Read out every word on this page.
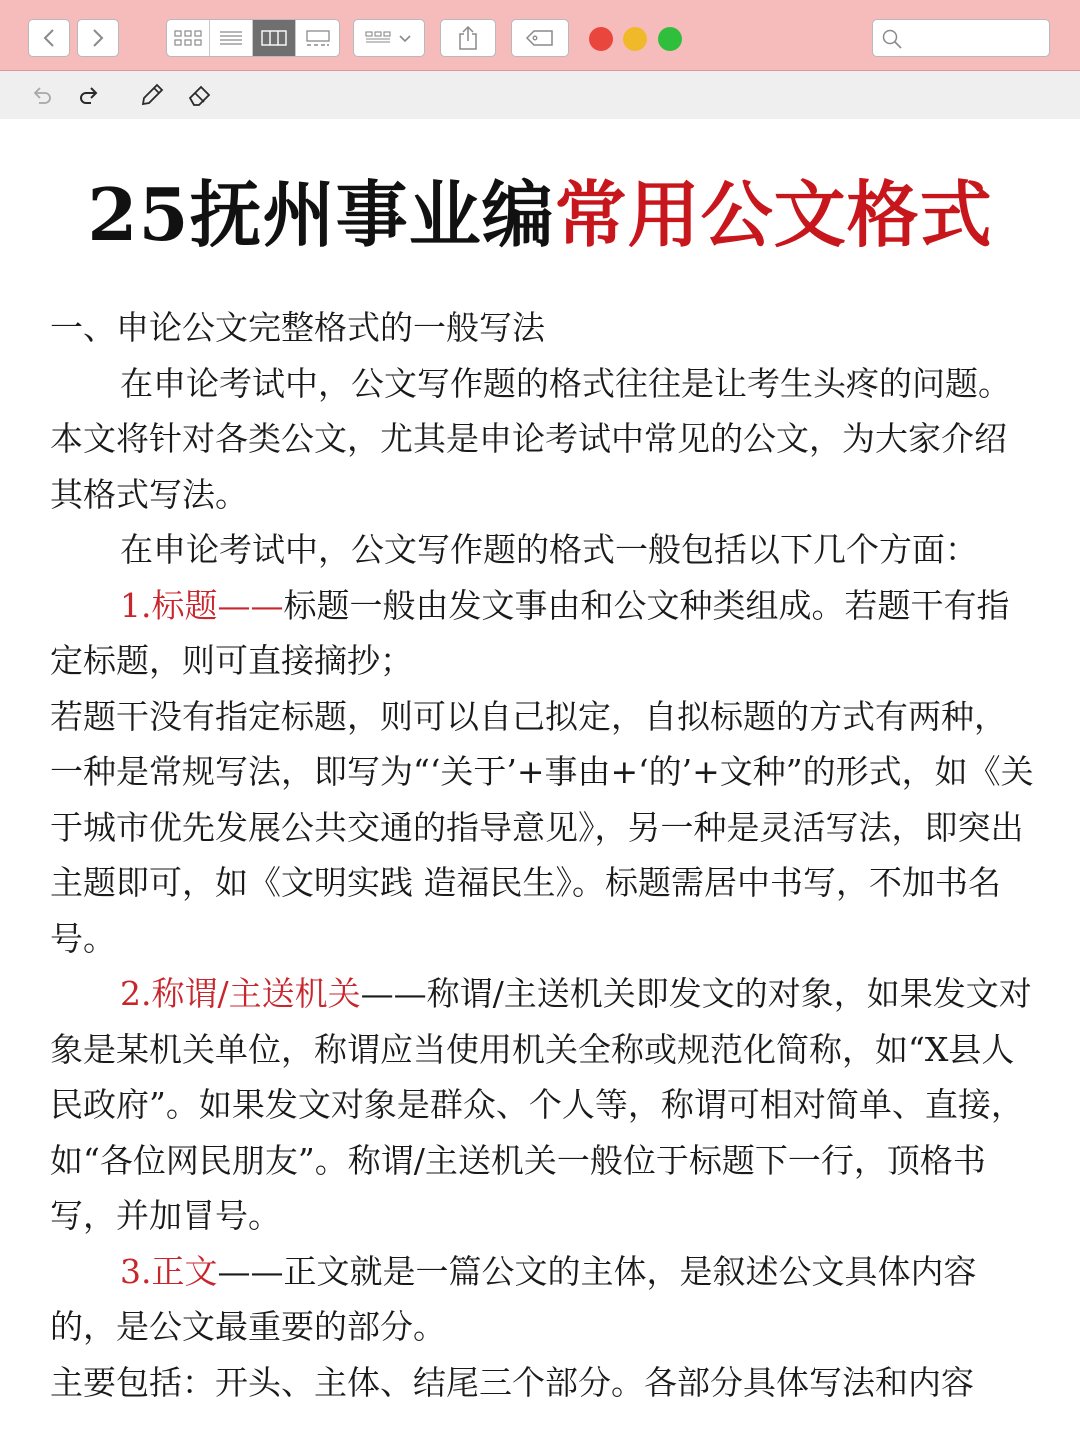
25抚州事业编常用公文格式

一、申论公文完整格式的一般写法

在申论考试中，公文写作题的格式往往是让考生头疼的问题。本文将针对各类公文，尤其是申论考试中常见的公文，为大家介绍其格式写法。

在申论考试中，公文写作题的格式一般包括以下几个方面：

1.标题——标题一般由发文事由和公文种类组成。若题干有指定标题，则可直接摘抄；

若题干没有指定标题，则可以自己拟定，自拟标题的方式有两种，一种是常规写法，即写为“‘关于’+事由+‘的’+文种”的形式，如《关于城市优先发展公共交通的指导意见》，另一种是灵活写法，即突出主题即可，如《文明实践 造福民生》。标题需居中书写，不加书名号。

2.称谓/主送机关——称谓/主送机关即发文的对象，如果发文对象是某机关单位，称谓应当使用机关全称或规范化简称，如“X县人民政府”。如果发文对象是群众、个人等，称谓可相对简单、直接，如“各位网民朋友”。称谓/主送机关一般位于标题下一行，顶格书写，并加冒号。

3.正文——正文就是一篇公文的主体，是叙述公文具体内容的，是公文最重要的部分。

主要包括：开头、主体、结尾三个部分。各部分具体写法和内容
